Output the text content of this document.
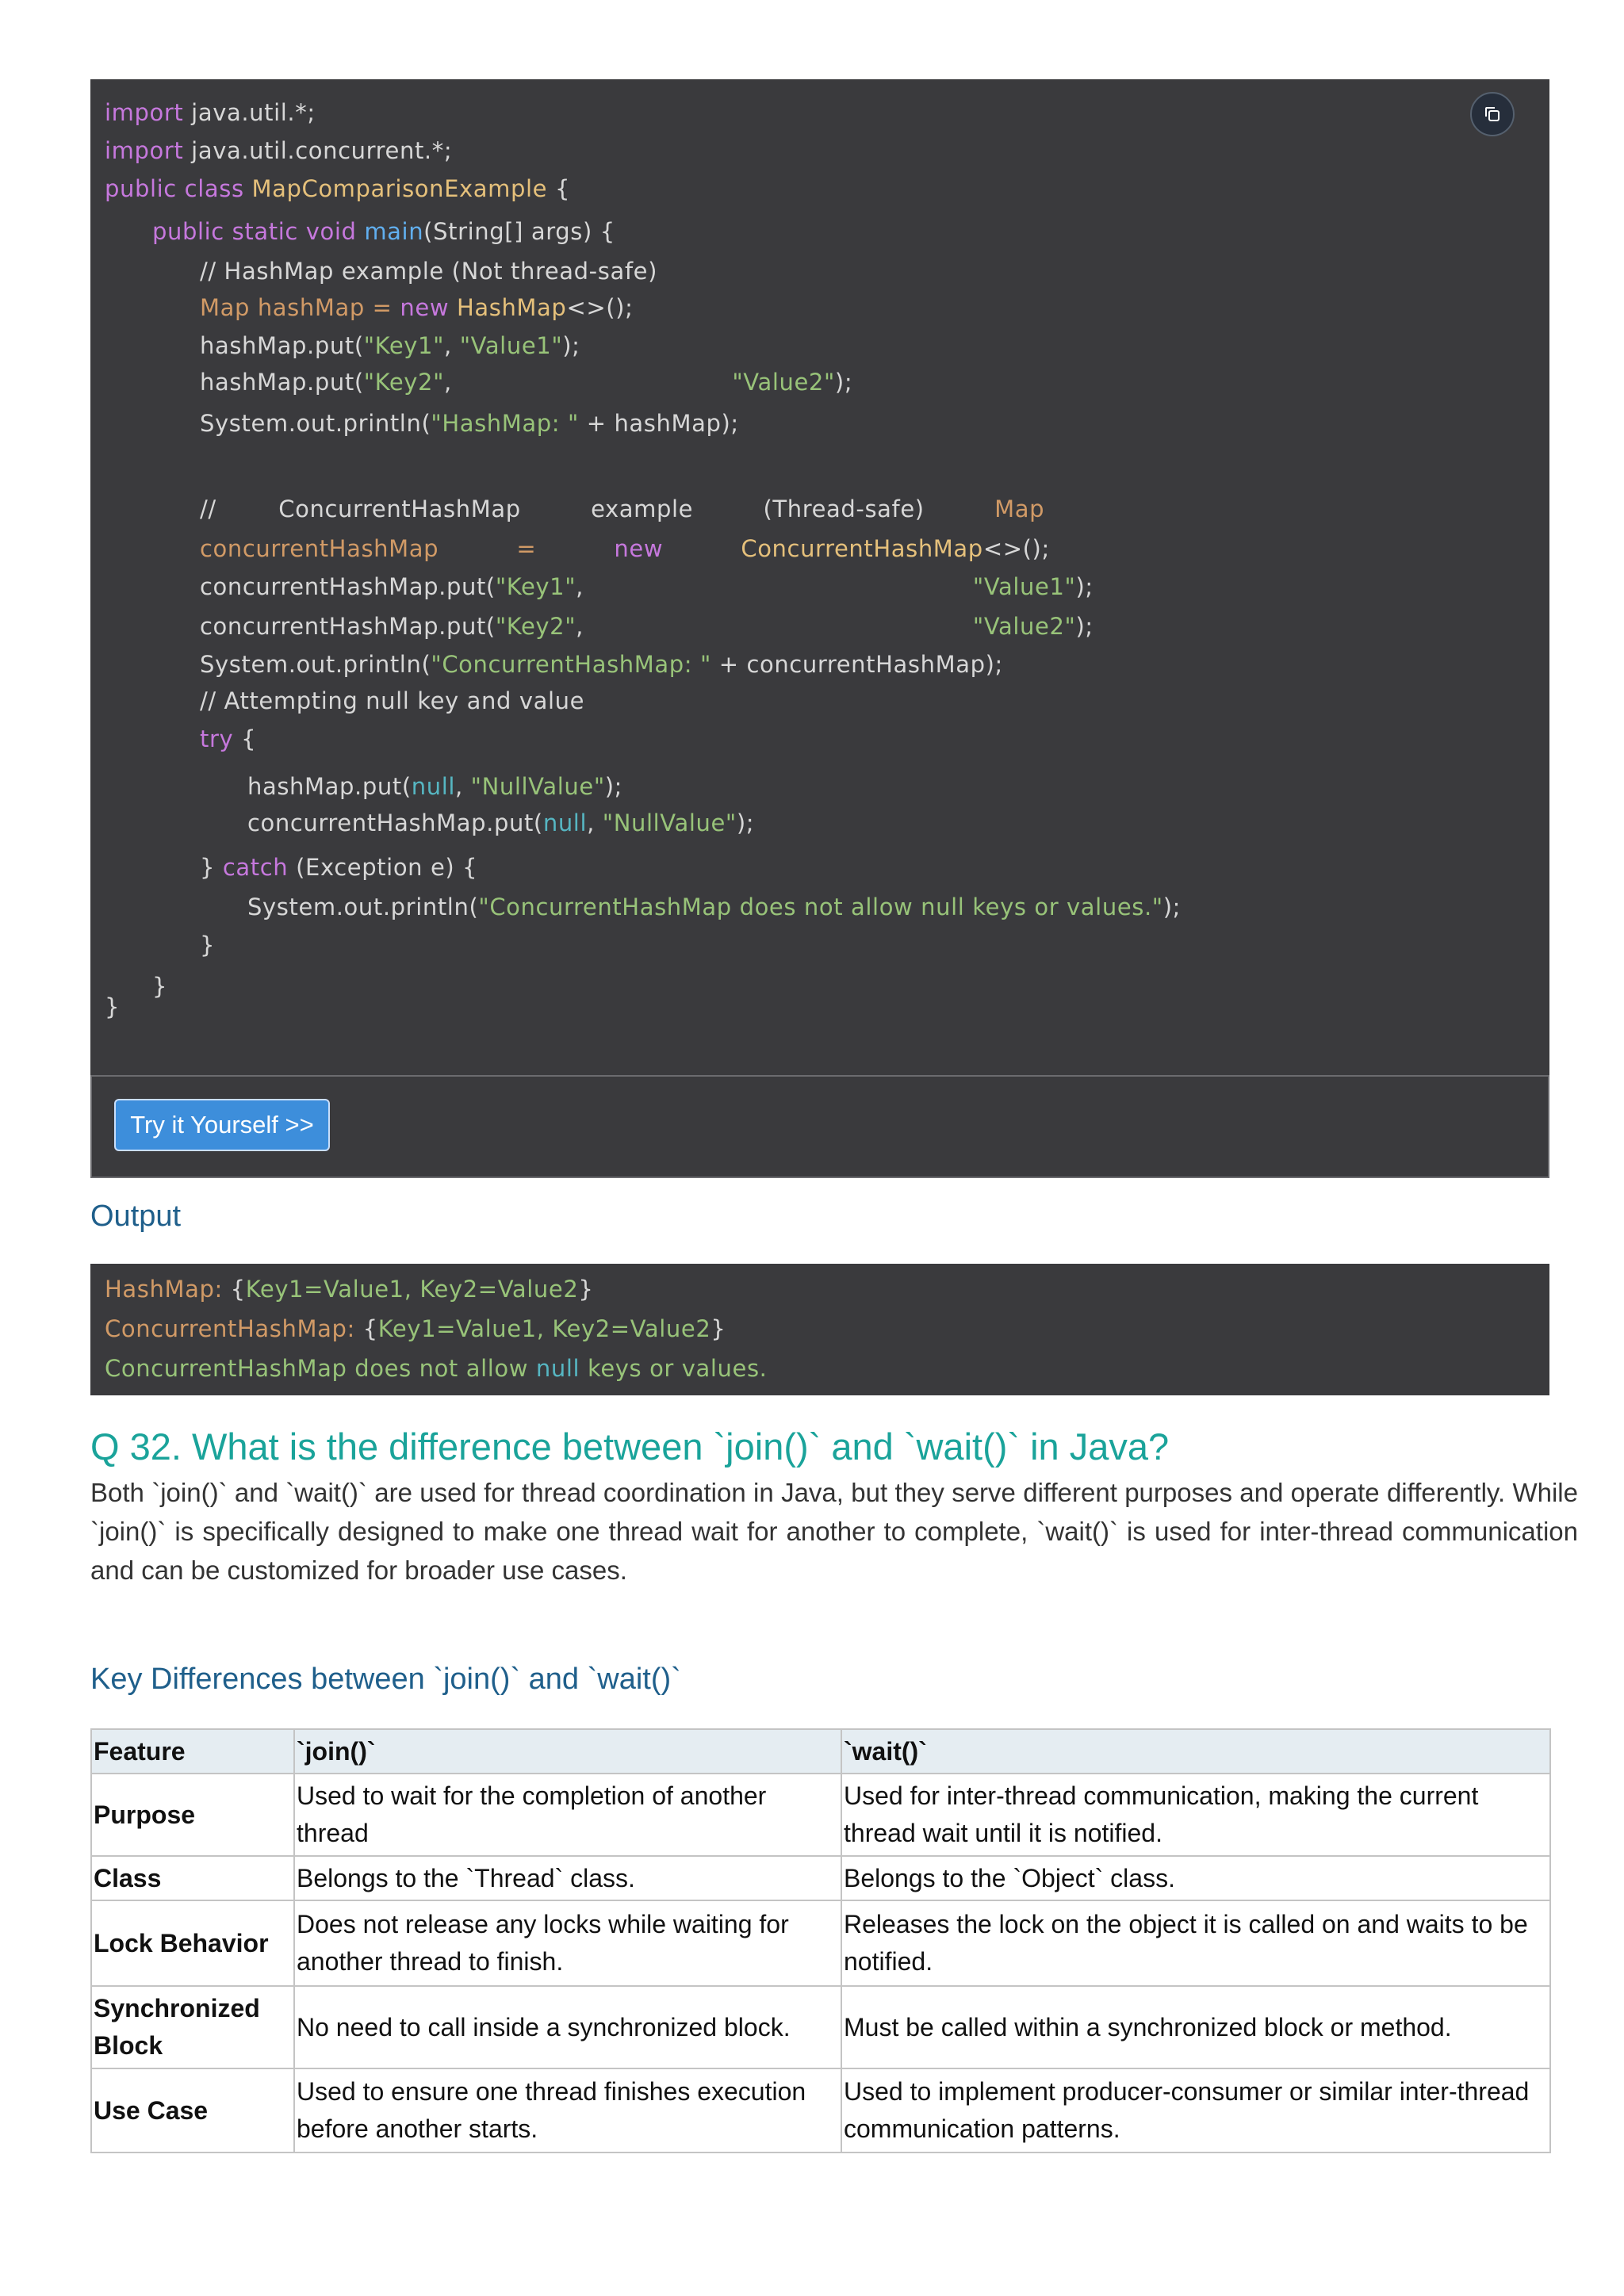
import java.util.*;
import java.util.concurrent.*;
public class MapComparisonExample {
public static void main(String[] args) {
// HashMap example (Not thread-safe)
Map hashMap = new HashMap<>();
hashMap.put("Key1", "Value1");
hashMap.put("Key2",                                    "Value2");
System.out.println("HashMap: " + hashMap);
//        ConcurrentHashMap         example         (Thread-safe)         Map
concurrentHashMap          =          new	ConcurrentHashMap<>();
concurrentHashMap.put("Key1",                                                  "Value1");
concurrentHashMap.put("Key2",                                                  "Value2");
System.out.println("ConcurrentHashMap: " + concurrentHashMap);
// Attempting null key and value
try {
hashMap.put(null, "NullValue");
concurrentHashMap.put(null, "NullValue");
} catch (Exception e) {
System.out.println("ConcurrentHashMap does not allow null keys or values.");
}
}
}
Try it Yourself >>
Output
HashMap: {Key1=Value1, Key2=Value2}
ConcurrentHashMap: {Key1=Value1, Key2=Value2}
ConcurrentHashMap does not allow null keys or values.
Q 32. What is the difference between `join()` and `wait()` in Java?

Both `join()` and `wait()` are used for thread coordination in Java, but they serve different purposes and operate differently. While `join()` is specifically designed to make one thread wait for another to complete, `wait()` is used for inter-thread communication and can be customized for broader use cases.

Key Differences between `join()` and `wait()`
Feature	`join()`	`wait()`
Purpose	Used to wait for the completion of another thread	Used for inter-thread communication, making the current thread wait until it is notified.
Class	Belongs to the `Thread` class.	Belongs to the `Object` class.
Lock Behavior	Does not release any locks while waiting for another thread to finish.	Releases the lock on the object it is called on and waits to be notified.
Synchronized Block	No need to call inside a synchronized block.	Must be called within a synchronized block or method.
Use Case	Used to ensure one thread finishes execution before another starts.	Used to implement producer-consumer or similar inter-thread communication patterns.
